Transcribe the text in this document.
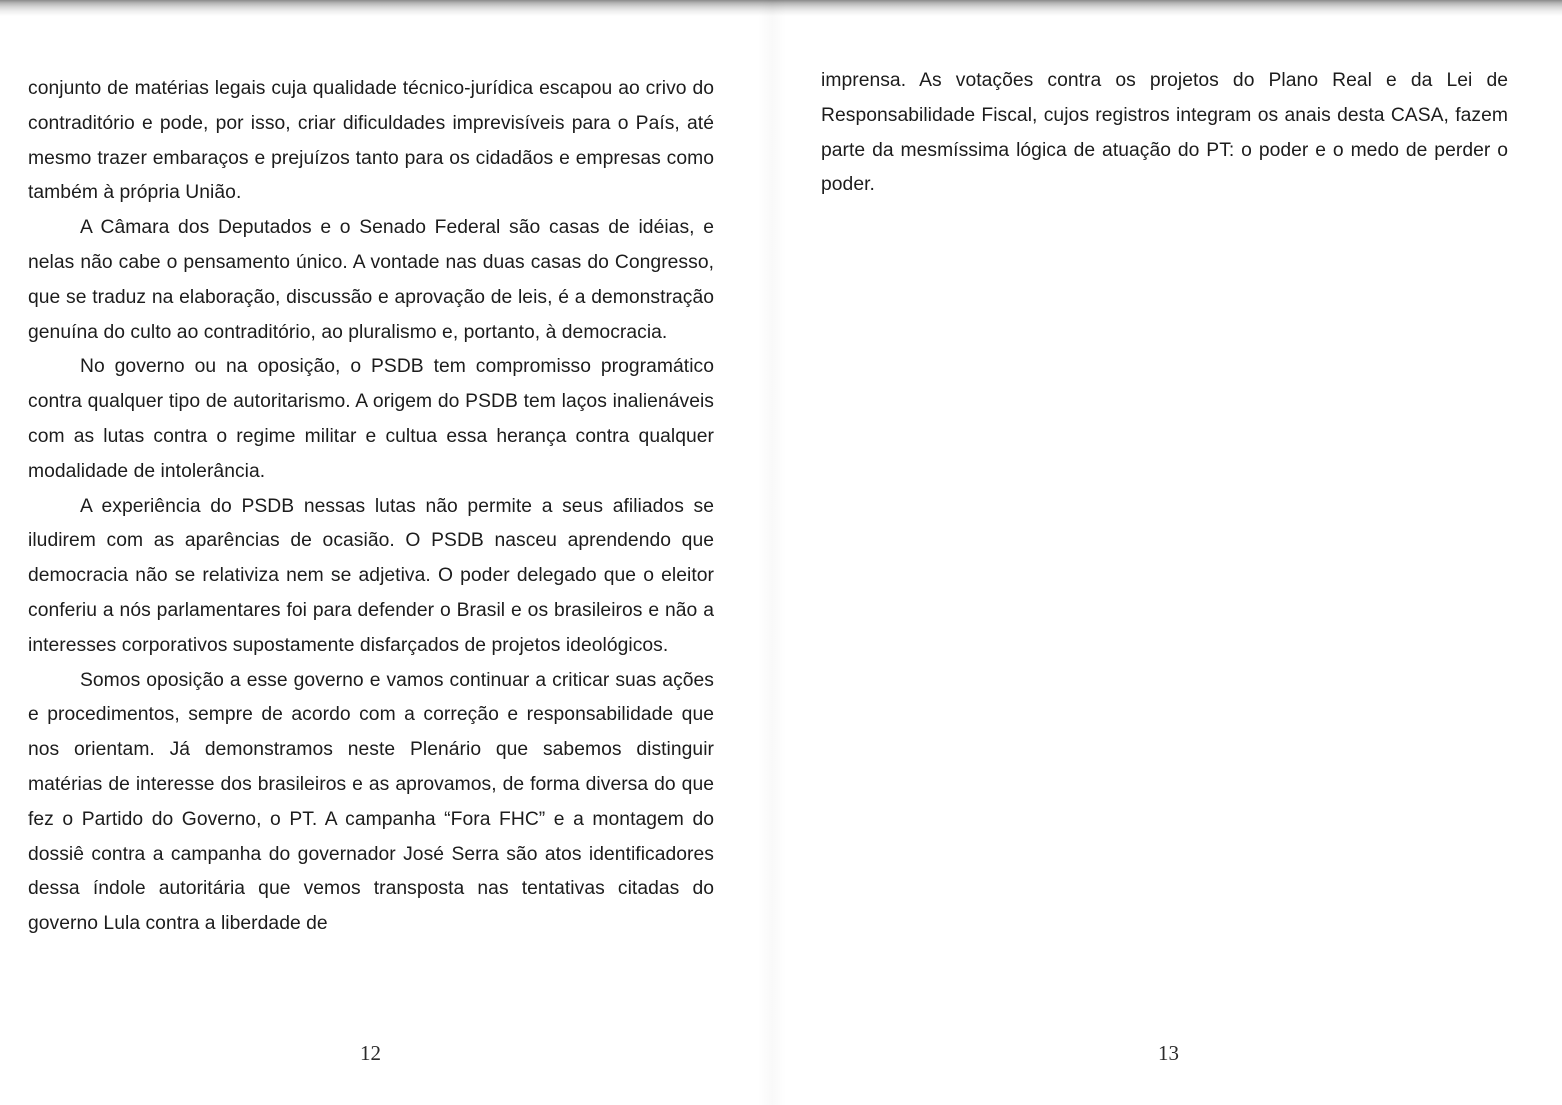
conjunto de matérias legais cuja qualidade técnico-jurídica escapou ao crivo do contraditório e pode, por isso, criar dificuldades imprevisíveis para o País, até mesmo trazer embaraços e prejuízos tanto para os cidadãos e empresas como também à própria União.

A Câmara dos Deputados e o Senado Federal são casas de idéias, e nelas não cabe o pensamento único. A vontade nas duas casas do Congresso, que se traduz na elaboração, discussão e aprovação de leis, é a demonstração genuína do culto ao contraditório, ao pluralismo e, portanto, à democracia.

No governo ou na oposição, o PSDB tem compromisso programático contra qualquer tipo de autoritarismo. A origem do PSDB tem laços inalienáveis com as lutas contra o regime militar e cultua essa herança contra qualquer modalidade de intolerância.

A experiência do PSDB nessas lutas não permite a seus afiliados se iludirem com as aparências de ocasião. O PSDB nasceu aprendendo que democracia não se relativiza nem se adjetiva. O poder delegado que o eleitor conferiu a nós parlamentares foi para defender o Brasil e os brasileiros e não a interesses corporativos supostamente disfarçados de projetos ideológicos.

Somos oposição a esse governo e vamos continuar a criticar suas ações e procedimentos, sempre de acordo com a correção e responsabilidade que nos orientam. Já demonstramos neste Plenário que sabemos distinguir matérias de interesse dos brasileiros e as aprovamos, de forma diversa do que fez o Partido do Governo, o PT. A campanha “Fora FHC” e a montagem do dossiê contra a campanha do governador José Serra são atos identificadores dessa índole autoritária que vemos transposta nas tentativas citadas do governo Lula contra a liberdade de

12

imprensa. As votações contra os projetos do Plano Real e da Lei de Responsabilidade Fiscal, cujos registros integram os anais desta CASA, fazem parte da mesmíssima lógica de atuação do PT: o poder e o medo de perder o poder.

13
